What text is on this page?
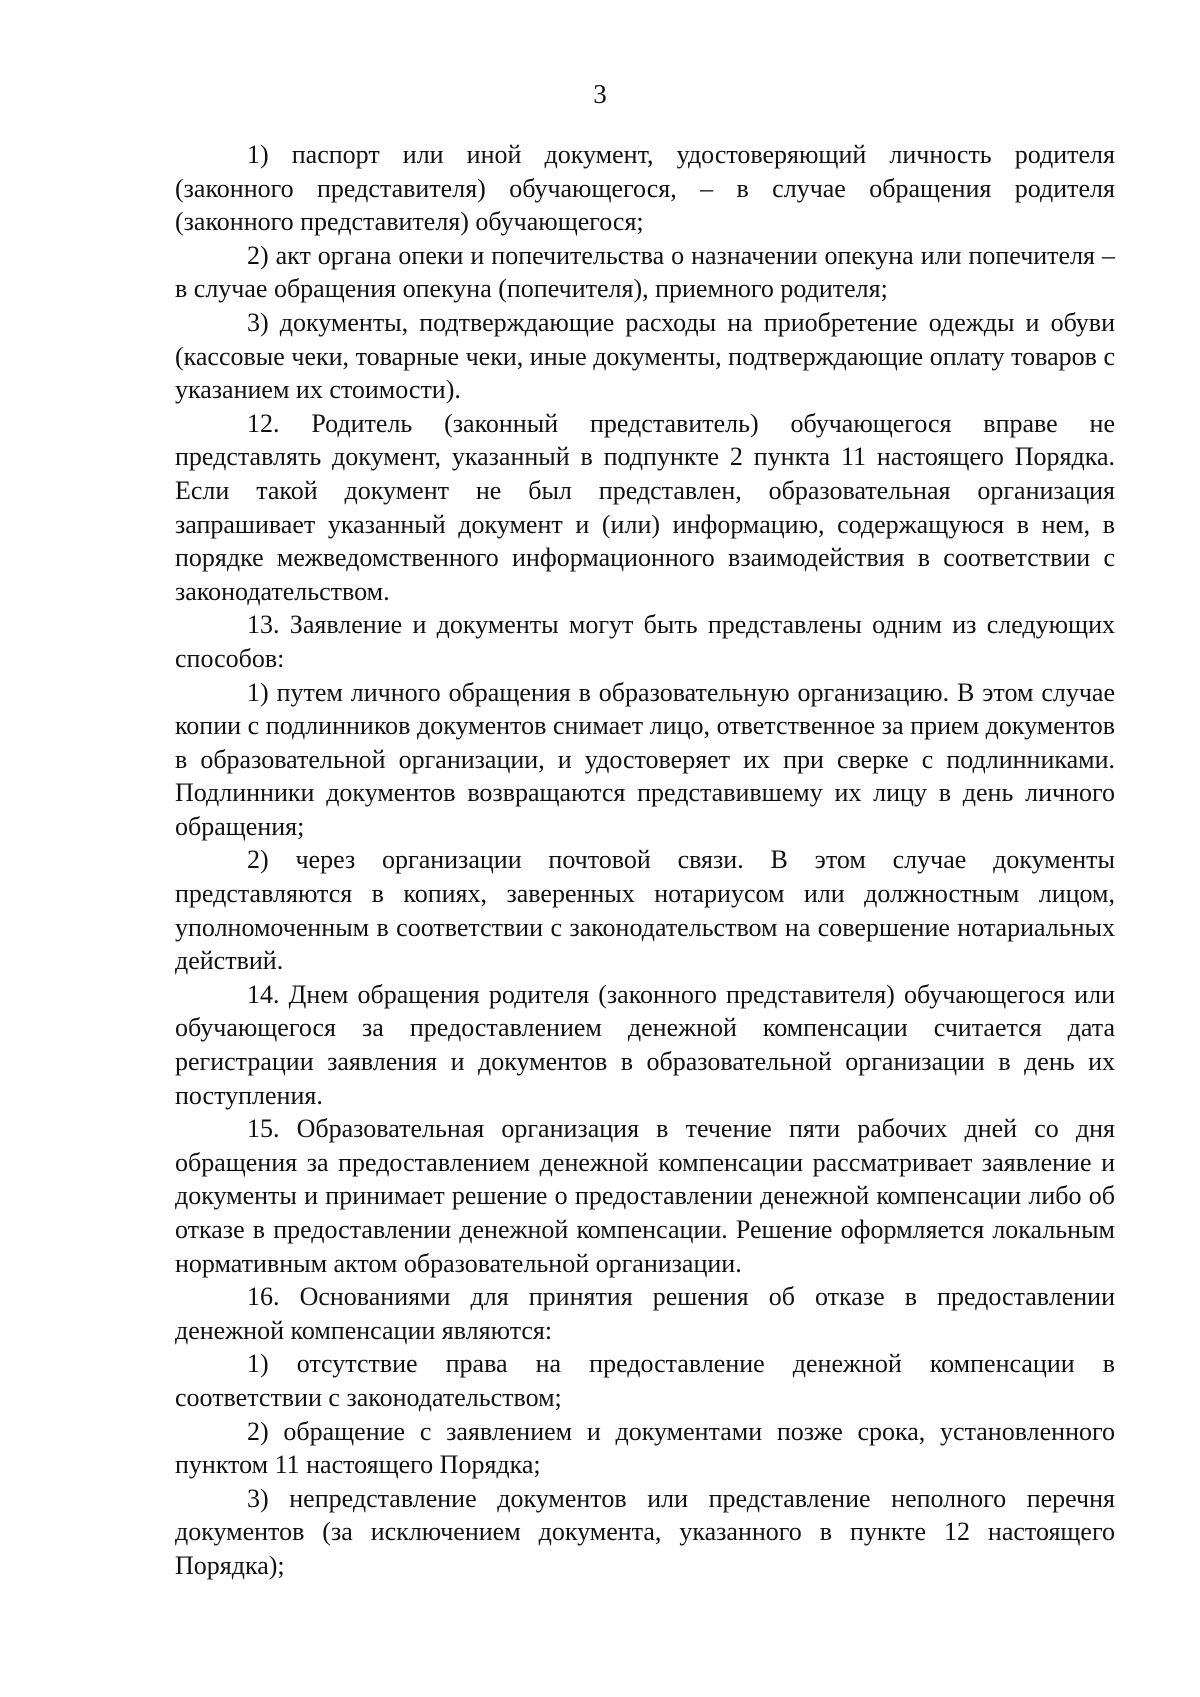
3

1) паспорт или иной документ, удостоверяющий личность родителя (законного представителя) обучающегося, – в случае обращения родителя (законного представителя) обучающегося;

2) акт органа опеки и попечительства о назначении опекуна или попечителя – в случае обращения опекуна (попечителя), приемного родителя;

3) документы, подтверждающие расходы на приобретение одежды и обуви (кассовые чеки, товарные чеки, иные документы, подтверждающие оплату товаров с указанием их стоимости).

12. Родитель (законный представитель) обучающегося вправе не представлять документ, указанный в подпункте 2 пункта 11 настоящего Порядка. Если такой документ не был представлен, образовательная организация запрашивает указанный документ и (или) информацию, содержащуюся в нем, в порядке межведомственного информационного взаимодействия в соответствии с законодательством.

13. Заявление и документы могут быть представлены одним из следующих способов:

1) путем личного обращения в образовательную организацию. В этом случае копии с подлинников документов снимает лицо, ответственное за прием документов в образовательной организации, и удостоверяет их при сверке с подлинниками. Подлинники документов возвращаются представившему их лицу в день личного обращения;

2) через организации почтовой связи. В этом случае документы представляются в копиях, заверенных нотариусом или должностным лицом, уполномоченным в соответствии с законодательством на совершение нотариальных действий.

14. Днем обращения родителя (законного представителя) обучающегося или обучающегося за предоставлением денежной компенсации считается дата регистрации заявления и документов в образовательной организации в день их поступления.

15. Образовательная организация в течение пяти рабочих дней со дня обращения за предоставлением денежной компенсации рассматривает заявление и документы и принимает решение о предоставлении денежной компенсации либо об отказе в предоставлении денежной компенсации. Решение оформляется локальным нормативным актом образовательной организации.

16. Основаниями для принятия решения об отказе в предоставлении денежной компенсации являются:

1) отсутствие права на предоставление денежной компенсации в соответствии с законодательством;

2) обращение с заявлением и документами позже срока, установленного пунктом 11 настоящего Порядка;

3) непредставление документов или представление неполного перечня документов (за исключением документа, указанного в пункте 12 настоящего Порядка);
